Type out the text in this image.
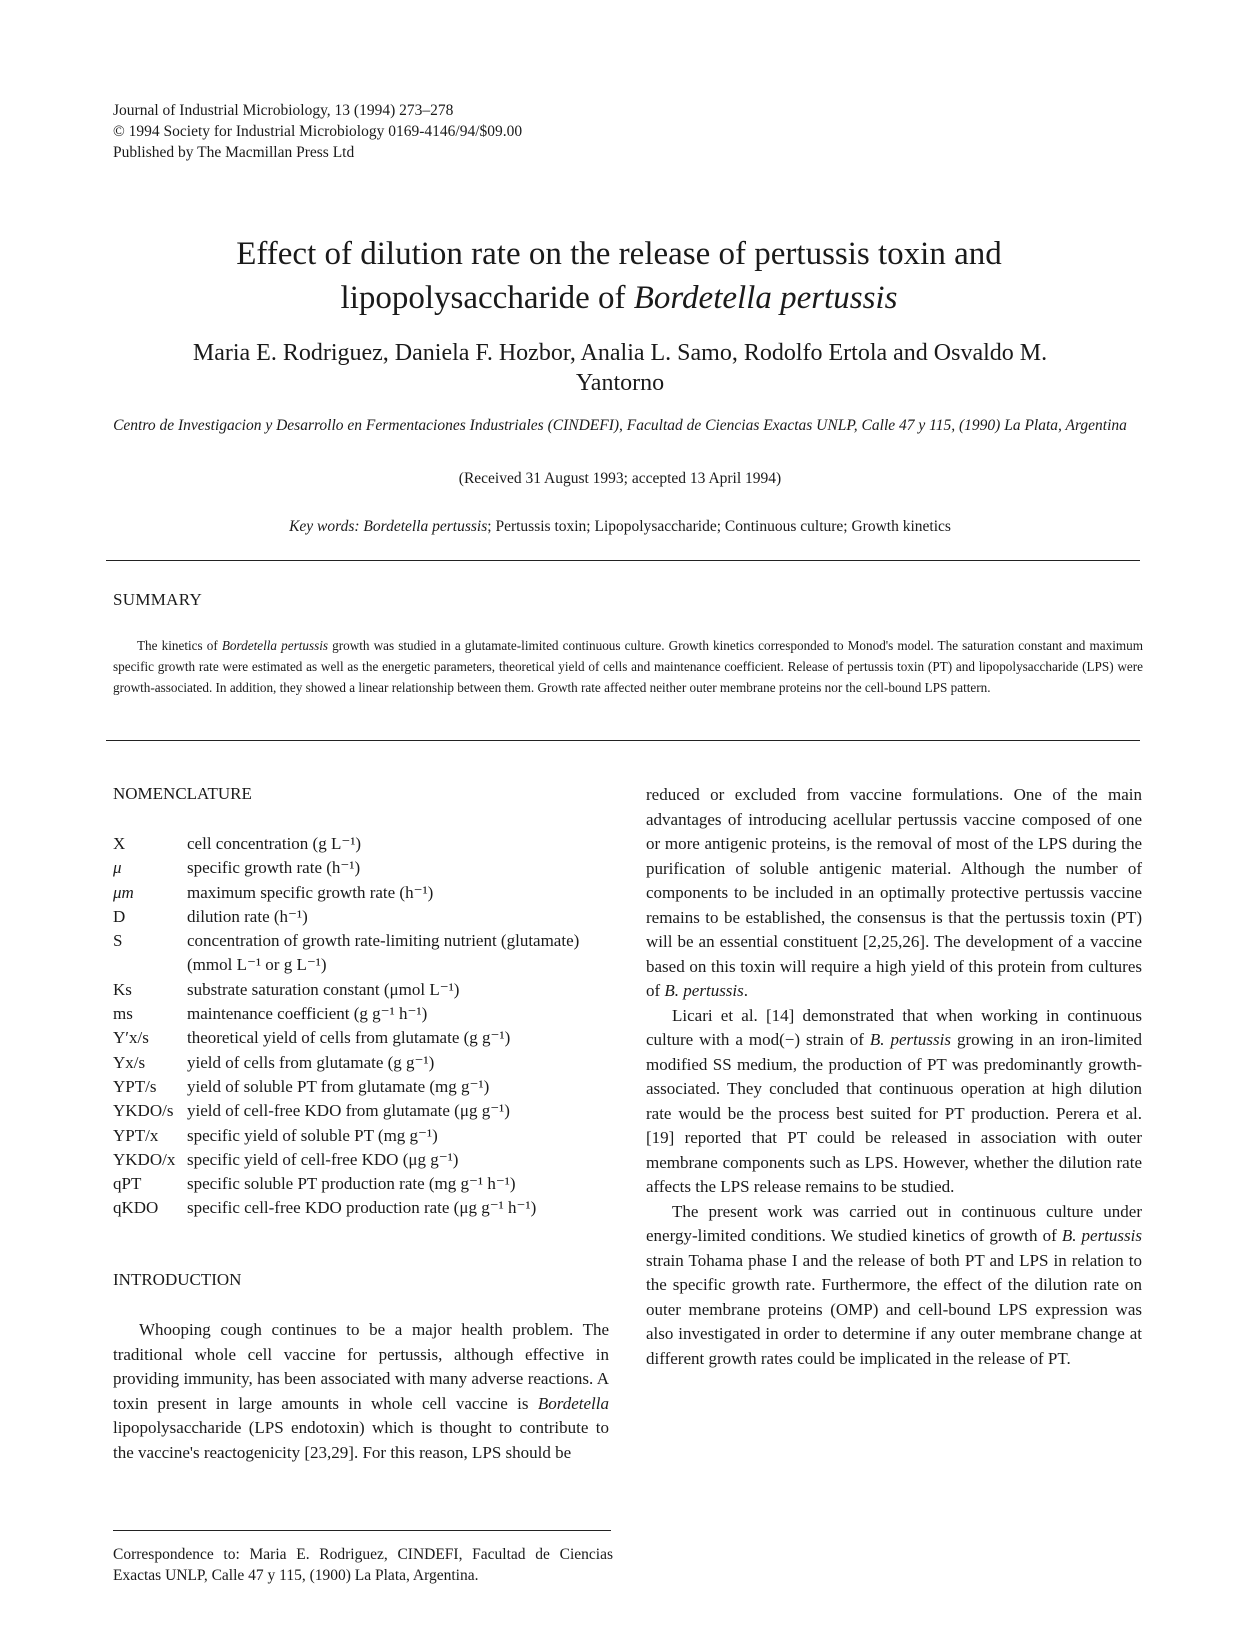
Journal of Industrial Microbiology, 13 (1994) 273–278
© 1994 Society for Industrial Microbiology 0169-4146/94/$09.00
Published by The Macmillan Press Ltd
Effect of dilution rate on the release of pertussis toxin and
lipopolysaccharide of Bordetella pertussis
Maria E. Rodriguez, Daniela F. Hozbor, Analia L. Samo, Rodolfo Ertola and Osvaldo M. Yantorno
Centro de Investigacion y Desarrollo en Fermentaciones Industriales (CINDEFI), Facultad de Ciencias Exactas UNLP, Calle 47 y 115, (1990) La Plata, Argentina
(Received 31 August 1993; accepted 13 April 1994)
Key words: Bordetella pertussis; Pertussis toxin; Lipopolysaccharide; Continuous culture; Growth kinetics
SUMMARY
The kinetics of Bordetella pertussis growth was studied in a glutamate-limited continuous culture. Growth kinetics corresponded to Monod's model. The saturation constant and maximum specific growth rate were estimated as well as the energetic parameters, theoretical yield of cells and maintenance coefficient. Release of pertussis toxin (PT) and lipopolysaccharide (LPS) were growth-associated. In addition, they showed a linear relationship between them. Growth rate affected neither outer membrane proteins nor the cell-bound LPS pattern.
NOMENCLATURE
X	cell concentration (g L⁻¹)
μ	specific growth rate (h⁻¹)
μm	maximum specific growth rate (h⁻¹)
D	dilution rate (h⁻¹)
S	concentration of growth rate-limiting nutrient (glutamate) (mmol L⁻¹ or g L⁻¹)
Ks	substrate saturation constant (μmol L⁻¹)
ms	maintenance coefficient (g g⁻¹ h⁻¹)
Y′x/s	theoretical yield of cells from glutamate (g g⁻¹)
Yx/s	yield of cells from glutamate (g g⁻¹)
YPT/s	yield of soluble PT from glutamate (mg g⁻¹)
YKDO/s yield of cell-free KDO from glutamate (μg g⁻¹)
YPT/x	specific yield of soluble PT (mg g⁻¹)
YKDO/x specific yield of cell-free KDO (μg g⁻¹)
qPT	specific soluble PT production rate (mg g⁻¹ h⁻¹)
qKDO	specific cell-free KDO production rate (μg g⁻¹ h⁻¹)
INTRODUCTION

Whooping cough continues to be a major health problem. The traditional whole cell vaccine for pertussis, although effective in providing immunity, has been associated with many adverse reactions. A toxin present in large amounts in whole cell vaccine is Bordetella lipopolysaccharide (LPS endotoxin) which is thought to contribute to the vaccine's reactogenicity [23,29]. For this reason, LPS should be

Correspondence to: Maria E. Rodriguez, CINDEFI, Facultad de Ciencias Exactas UNLP, Calle 47 y 115, (1900) La Plata, Argentina.

reduced or excluded from vaccine formulations. One of the main advantages of introducing acellular pertussis vaccine composed of one or more antigenic proteins, is the removal of most of the LPS during the purification of soluble antigenic material. Although the number of components to be included in an optimally protective pertussis vaccine remains to be established, the consensus is that the pertussis toxin (PT) will be an essential constituent [2,25,26]. The development of a vaccine based on this toxin will require a high yield of this protein from cultures of B. pertussis.

Licari et al. [14] demonstrated that when working in continuous culture with a mod(−) strain of B. pertussis growing in an iron-limited modified SS medium, the production of PT was predominantly growth-associated. They concluded that continuous operation at high dilution rate would be the process best suited for PT production. Perera et al. [19] reported that PT could be released in association with outer membrane components such as LPS. However, whether the dilution rate affects the LPS release remains to be studied.

The present work was carried out in continuous culture under energy-limited conditions. We studied kinetics of growth of B. pertussis strain Tohama phase I and the release of both PT and LPS in relation to the specific growth rate. Furthermore, the effect of the dilution rate on outer membrane proteins (OMP) and cell-bound LPS expression was also investigated in order to determine if any outer membrane change at different growth rates could be implicated in the release of PT.
